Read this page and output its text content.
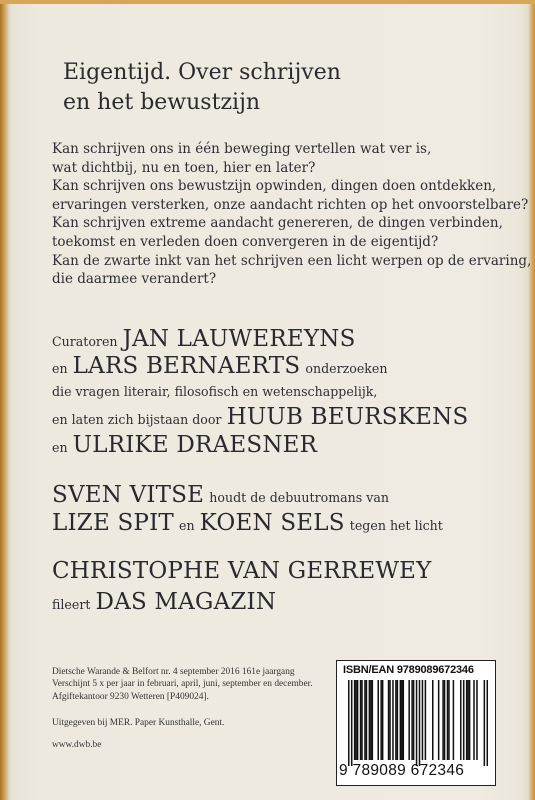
Eigentijd. Over schrijven
en het bewustzijn
Kan schrijven ons in één beweging vertellen wat ver is,
wat dichtbij, nu en toen, hier en later?
Kan schrijven ons bewustzijn opwinden, dingen doen ontdekken,
ervaringen versterken, onze aandacht richten op het onvoorstelbare?
Kan schrijven extreme aandacht genereren, de dingen verbinden,
toekomst en verleden doen convergeren in de eigentijd?
Kan de zwarte inkt van het schrijven een licht werpen op de ervaring,
die daarmee verandert?
Curatoren JAN LAUWEREYNS
en LARS BERNAERTS onderzoeken
die vragen literair, filosofisch en wetenschappelijk,
en laten zich bijstaan door HUUB BEURSKENS
en ULRIKE DRAESNER
SVEN VITSE houdt de debuutromans van
LIZE SPIT en KOEN SELS tegen het licht
CHRISTOPHE VAN GERREWEY
fileert DAS MAGAZIN
Dietsche Warande & Belfort nr. 4 september 2016 161e jaargang
Verschijnt 5 x per jaar in februari, april, juni, september en december.
Afgiftekantoor 9230 Wetteren [P409024].
Uitgegeven bij MER. Paper Kunsthalle, Gent.
www.dwb.be
ISBN/EAN 9789089672346
9 789089 672346
